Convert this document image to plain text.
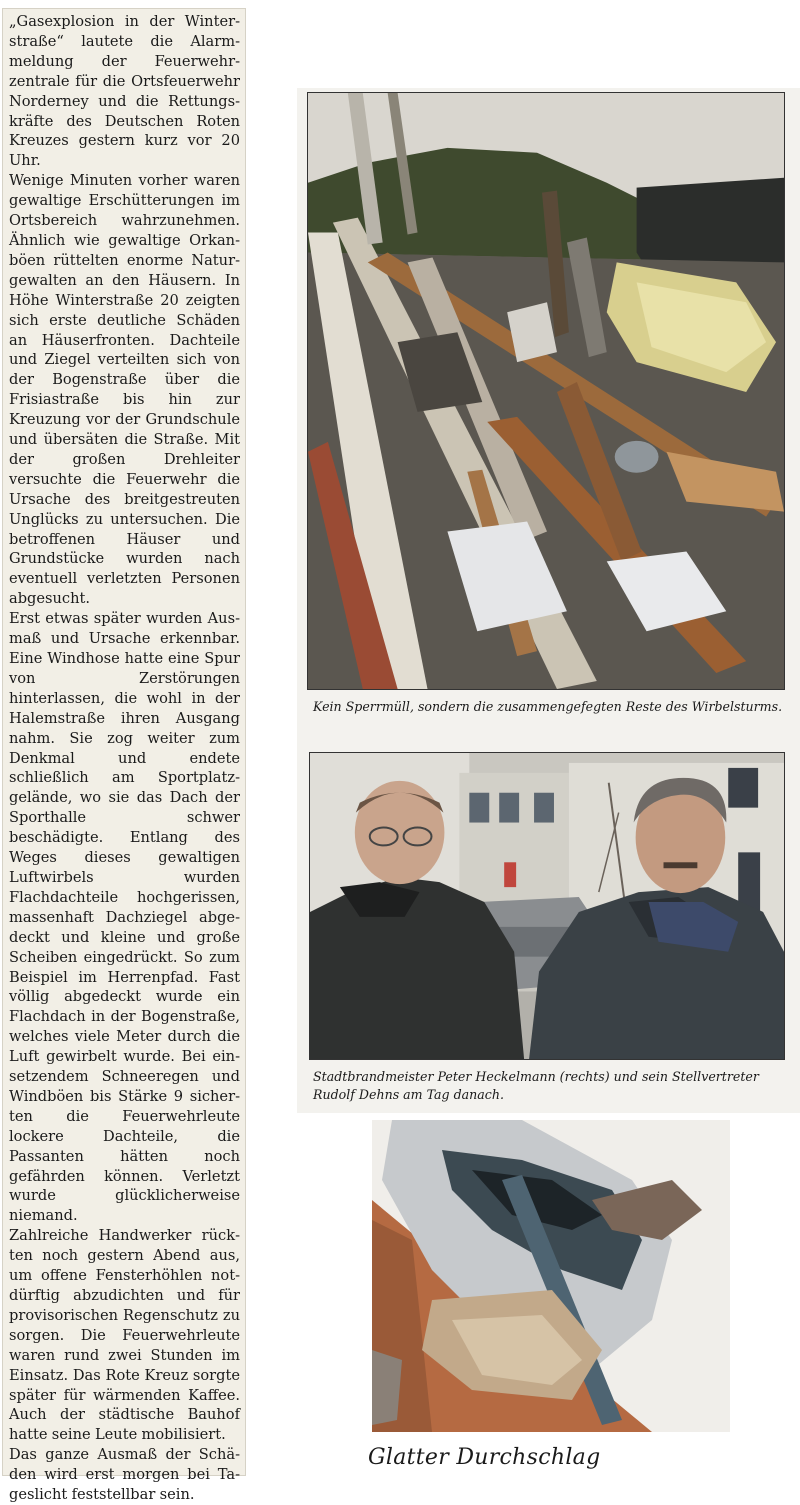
„Gasexplosion in der Winterstraße“ lautete die Alarmmeldung der Feuerwehrzentrale für die Ortsfeuerwehr Norderney und die Rettungskräfte des Deutschen Roten Kreuzes gestern kurz vor 20 Uhr.

Wenige Minuten vorher waren gewaltige Erschütterungen im Ortsbereich wahrzunehmen. Ähnlich wie gewaltige Orkanböen rüttelten enorme Naturgewalten an den Häusern. In Höhe Winterstraße 20 zeigten sich erste deutliche Schäden an Häuserfronten. Dachteile und Ziegel verteilten sich von der Bogenstraße über die Frisiastraße bis hin zur Kreuzung vor der Grundschule und übersäten die Straße. Mit der großen Drehleiter versuchte die Feuerwehr die Ursache des breitgestreuten Unglücks zu untersuchen. Die betroffenen Häuser und Grundstücke wurden nach eventuell verletzten Personen abgesucht.

Erst etwas später wurden Ausmaß und Ursache erkennbar. Eine Windhose hatte eine Spur von Zerstörungen hinterlassen, die wohl in der Halemstraße ihren Ausgang nahm. Sie zog weiter zum Denkmal und endete schließlich am Sportplatzgelände, wo sie das Dach der Sporthalle schwer beschädigte. Entlang des Weges dieses gewaltigen Luftwirbels wurden Flachdachteile hochgerissen, massenhaft Dachziegel abgedeckt und kleine und große Scheiben eingedrückt. So zum Beispiel im Herrenpfad. Fast völlig abgedeckt wurde ein Flachdach in der Bogenstraße, welches viele Meter durch die Luft gewirbelt wurde. Bei einsetzendem Schneeregen und Windböen bis Stärke 9 sicherten die Feuerwehrleute lockere Dachteile, die Passanten hätten noch gefährden können. Verletzt wurde glücklicherweise niemand.

Zahlreiche Handwerker rückten noch gestern Abend aus, um offene Fensterhöhlen notdürftig abzudichten und für provisorischen Regenschutz zu sorgen. Die Feuerwehrleute waren rund zwei Stunden im Einsatz. Das Rote Kreuz sorgte später für wärmenden Kaffee. Auch der städtische Bauhof hatte seine Leute mobilisiert.

Das ganze Ausmaß der Schäden wird erst morgen bei Tageslicht feststellbar sein.

Kein Sperrmüll, sondern die zusammengefegten Reste des Wirbelsturms.

Stadtbrandmeister Peter Heckelmann (rechts) und sein Stellvertreter Rudolf Dehns am Tag danach.

Glatter Durchschlag
